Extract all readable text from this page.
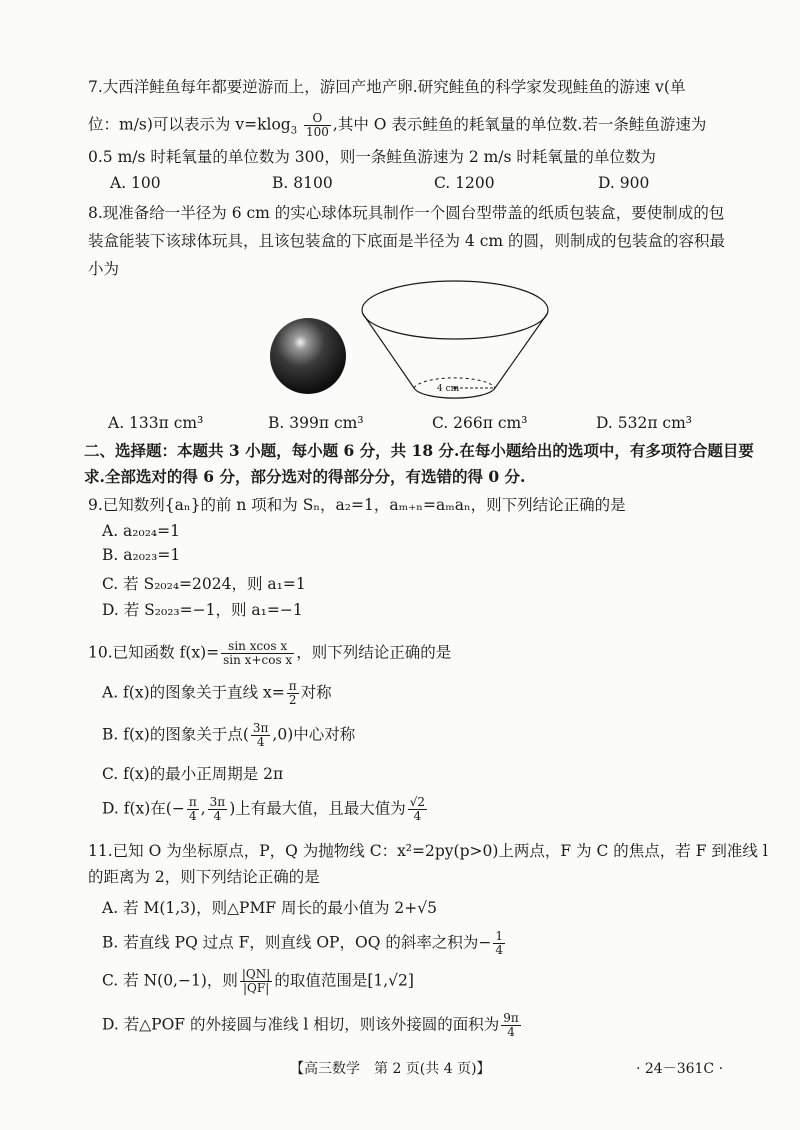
7.大西洋鲑鱼每年都要逆游而上，游回产地产卵.研究鲑鱼的科学家发现鲑鱼的游速 v(单
位：m/s)可以表示为 $v=klog_3 \frac{O}{100}$ ,其中 O 表示鲑鱼的耗氧量的单位数.若一条鲑鱼游速为
0.5 m/s 时耗氧量的单位数为 300，则一条鲑鱼游速为 2 m/s 时耗氧量的单位数为
A. 100	B. 8100	C. 1200	D. 900
8.现准备给一半径为 6 cm 的实心球体玩具制作一个圆台型带盖的纸质包装盒，要使制成的包
装盒能装下该球体玩具，且该包装盒的下底面是半径为 4 cm 的圆，则制成的包装盒的容积最
小为
4 cm
A. 133π cm³	B. 399π cm³	C. 266π cm³	D. 532π cm³
二、选择题：本题共 3 小题，每小题 6 分，共 18 分.在每小题给出的选项中，有多项符合题目要
求.全部选对的得 6 分，部分选对的得部分分，有选错的得 0 分.
9.已知数列{aₙ}的前 n 项和为 Sₙ，a₂=1，aₘ₊ₙ=aₘaₙ，则下列结论正确的是
A. a₂₀₂₄=1
B. a₂₀₂₃=1
C. 若 S₂₀₂₄=2024，则 a₁=1
D. 若 S₂₀₂₃=−1，则 a₁=−1
10.已知函数 $f(x)= \frac{\text{sin xcos x}}{\text{sin x+cos x}}$ ，则下列结论正确的是
A. f(x)的图象关于直线 $x= \frac{\pi}{2}$ 对称
B. f(x)的图象关于点( $\frac{3\pi}{4} ,0$)中心对称
C. f(x)的最小正周期是 2π
D. f(x)在(− $\frac{\pi}{4}$ , $\frac{3\pi}{4}$ )上有最大值，且最大值为 $\frac{√2}{4}$
11.已知 O 为坐标原点，P，Q 为抛物线 C：x²=2py(p>0)上两点，F 为 C 的焦点，若 F 到准线 l
的距离为 2，则下列结论正确的是
A. 若 M(1,3)，则△PMF 周长的最小值为 2+√5
B. 若直线 PQ 过点 F，则直线 OP，OQ 的斜率之积为− $\frac{1}{4}$
C. 若 N(0,−1)，则 $\frac{|QN|}{|QF|}$ 的取值范围是[1,√2]
D. 若△POF 的外接圆与准线 l 相切，则该外接圆的面积为 $\frac{9\pi}{4}$
【高三数学　第 2 页(共 4 页)】	· 24－361C ·
